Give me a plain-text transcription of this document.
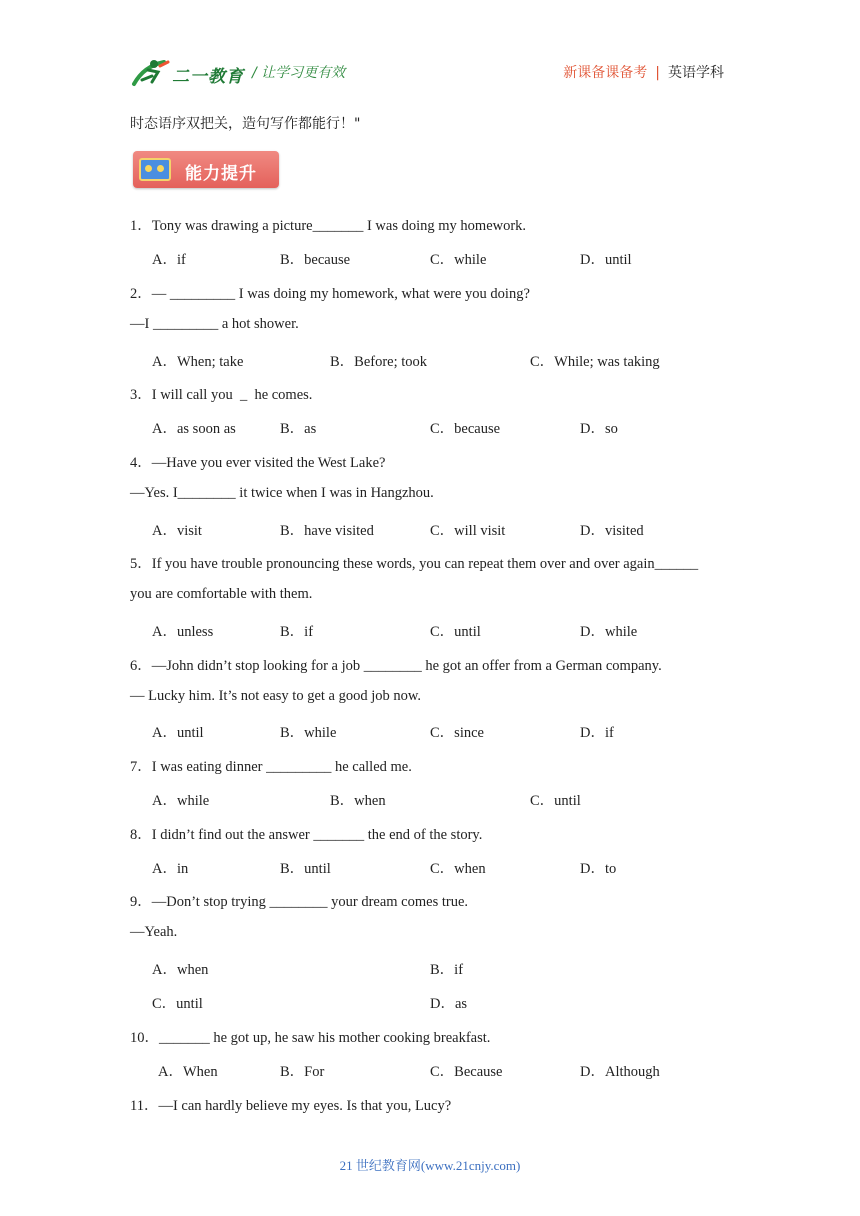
二一教育 / 让学习更有效	新课备课备考 | 英语学科
时态语序双把关，造句写作都能行！"
能力提升
1．Tony was drawing a picture_______ I was doing my homework.
2．— _________ I was doing my homework, what were you doing?
—I _________ a hot shower.
3．I will call you  _  he comes.
4．—Have you ever visited the West Lake?
—Yes. I________ it twice when I was in Hangzhou.
5．If you have trouble pronouncing these words, you can repeat them over and over again______
you are comfortable with them.
6．—John didn’t stop looking for a job ________ he got an offer from a German company.
— Lucky him. It’s not easy to get a good job now.
7．I was eating dinner _________ he called me.
8．I didn’t find out the answer _______ the end of the story.
9．—Don’t stop trying ________ your dream comes true.
—Yeah.
10．_______ he got up, he saw his mother cooking breakfast.
11．—I can hardly believe my eyes. Is that you, Lucy?
A．if	B．because	C．while	D．until
A．When; take	B．Before; took	C．While; was taking
A．as soon as	B．as	C．because	D．so
A．visit	B．have visited	C．will visit	D．visited
A．unless	B．if	C．until	D．while
A．until	B．while	C．since	D．if
A．while	B．when	C．until
A．in	B．until	C．when	D．to
A．when	B．if
C．until	D．as
A．When	B．For	C．Because	D．Although
21 世纪教育网(www.21cnjy.com)
